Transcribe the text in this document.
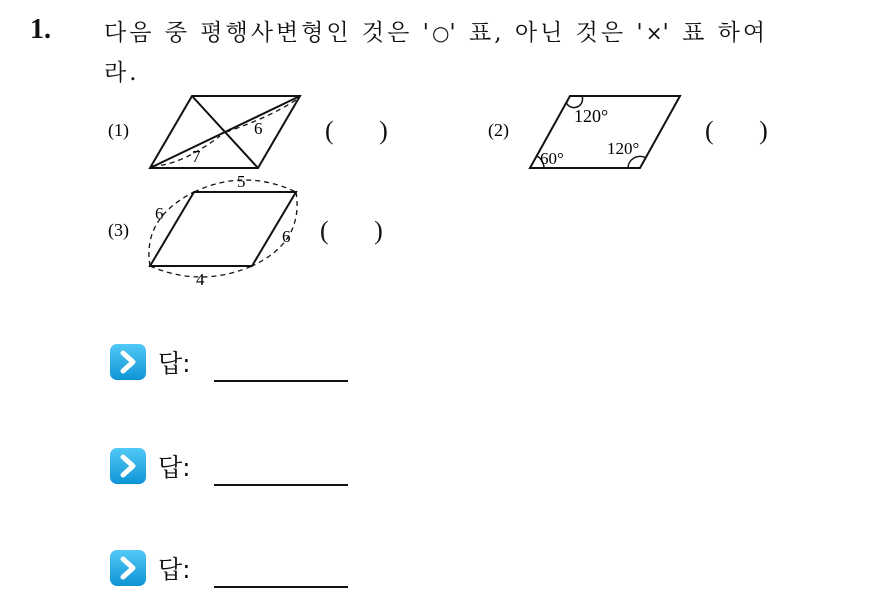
1. 다음 중 평행사변형인 것은 '○' 표, 아닌 것은 '×' 표 하여
라.
(1)
7
6 (       )	(2)
120°
60°
120°
(       )
(3)
5
6
6
4
(       )
답:
답:
답:
